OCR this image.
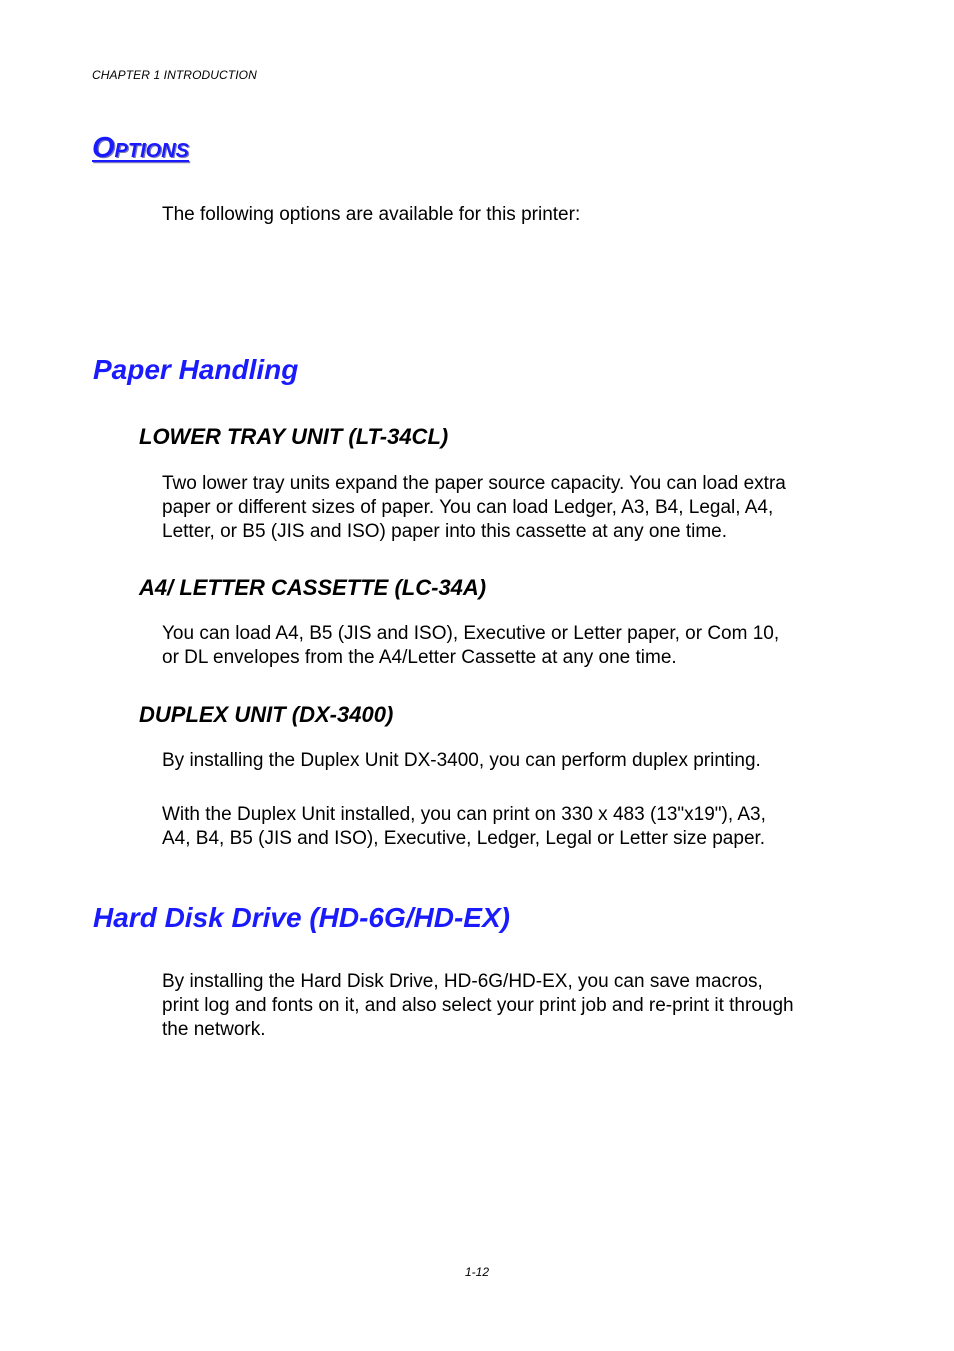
CHAPTER 1 INTRODUCTION

Options

The following options are available for this printer:

Paper Handling
LOWER TRAY UNIT (LT-34CL)
Two lower tray units expand the paper source capacity. You can load extra
paper or different sizes of paper. You can load Ledger, A3, B4, Legal, A4,
Letter, or B5 (JIS and ISO) paper into this cassette at any one time.
A4/ LETTER CASSETTE (LC-34A)
You can load A4, B5 (JIS and ISO), Executive or Letter paper, or Com 10,
or DL envelopes from the A4/Letter Cassette at any one time.
DUPLEX UNIT (DX-3400)

By installing the Duplex Unit DX-3400, you can perform duplex printing.

With the Duplex Unit installed, you can print on 330 x 483 (13"x19"), A3,
A4, B4, B5 (JIS and ISO), Executive, Ledger, Legal or Letter size paper.
Hard Disk Drive (HD-6G/HD-EX)
By installing the Hard Disk Drive, HD-6G/HD-EX, you can save macros,
print log and fonts on it, and also select your print job and re-print it through
the network.

1-12
